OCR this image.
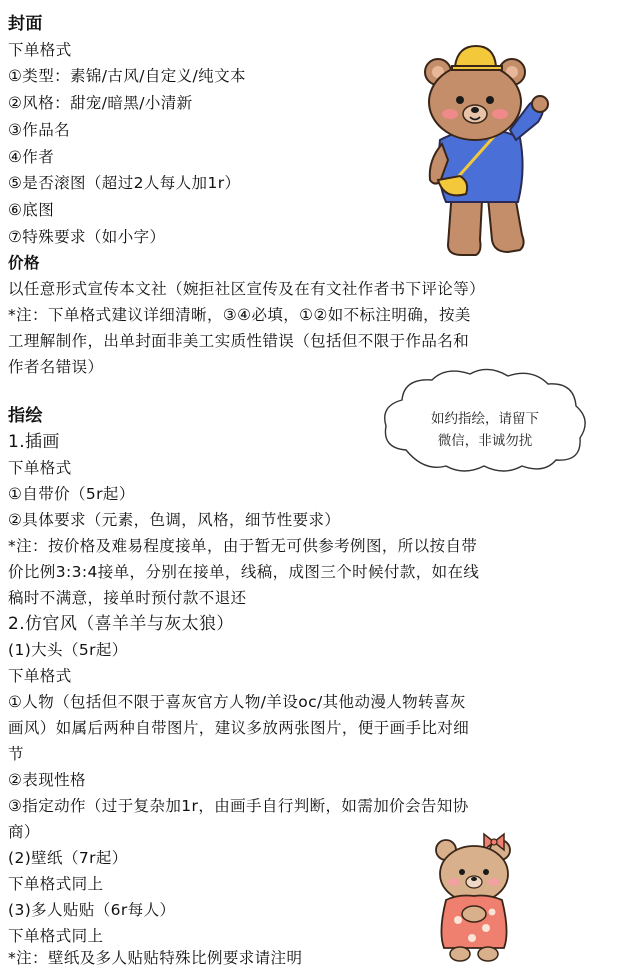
封面
下单格式
①类型：素锦/古风/自定义/纯文本
②风格：甜宠/暗黑/小清新
③作品名
④作者
⑤是否滚图（超过2人每人加1r）
⑥底图
⑦特殊要求（如小字）
价格
以任意形式宣传本文社（婉拒社区宣传及在有文社作者书下评论等）
*注：下单格式建议详细清晰，③④必填，①②如不标注明确，按美
工理解制作，出单封面非美工实质性错误（包括但不限于作品名和
作者名错误）
如约指绘，请留下
微信，非诚勿扰
指绘
1.插画
下单格式
①自带价（5r起）
②具体要求（元素，色调，风格，细节性要求）
*注：按价格及难易程度接单，由于暂无可供参考例图，所以按自带
价比例3:3:4接单，分别在接单，线稿，成图三个时候付款，如在线
稿时不满意，接单时预付款不退还
2.仿官风（喜羊羊与灰太狼）
(1)大头（5r起）
下单格式
①人物（包括但不限于喜灰官方人物/羊设oc/其他动漫人物转喜灰
画风）如属后两种自带图片，建议多放两张图片，便于画手比对细
节
②表现性格
③指定动作（过于复杂加1r，由画手自行判断，如需加价会告知协
商）
(2)壁纸（7r起）
下单格式同上
(3)多人贴贴（6r每人）
下单格式同上
*注：壁纸及多人贴贴特殊比例要求请注明
